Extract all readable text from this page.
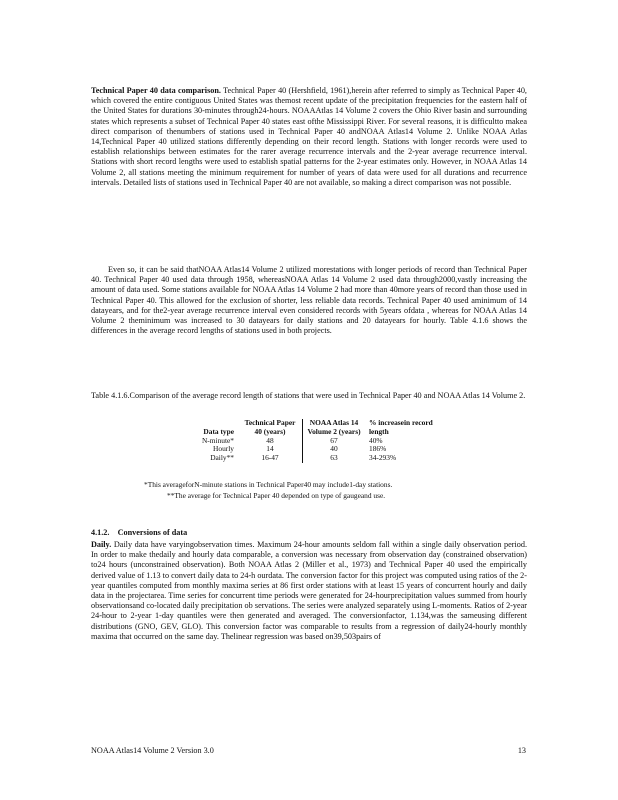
Technical Paper 40 data comparison. Technical Paper 40 (Hershfield, 1961),herein after referred to simply as Technical Paper 40, which covered the entire contiguous United States was themost recent update of the precipitation frequencies for the eastern half of the United States for durations 30-minutes through24-hours. NOAAAtlas 14 Volume 2 covers the Ohio River basin and surrounding states which represents a subset of Technical Paper 40 states east ofthe Mississippi River. For several reasons, it is difficultto makea direct comparison of thenumbers of stations used in Technical Paper 40 andNOAA Atlas14 Volume 2. Unlike NOAA Atlas 14,Technical Paper 40 utilized stations differently depending on their record length. Stations with longer records were used to establish relationships between estimates for the rarer average recurrence intervals and the 2-year average recurrence interval. Stations with short record lengths were used to establish spatial patterns for the 2-year estimates only. However, in NOAA Atlas 14 Volume 2, all stations meeting the minimum requirement for number of years of data were used for all durations and recurrence intervals. Detailed lists of stations used in Technical Paper 40 are not available, so making a direct comparison was not possible.

Even so, it can be said thatNOAA Atlas14 Volume 2 utilized morestations with longer periods of record than Technical Paper 40. Technical Paper 40 used data through 1958, whereasNOAA Atlas 14 Volume 2 used data through2000,vastly increasing the amount of data used. Some stations available for NOAA Atlas 14 Volume 2 had more than 40more years of record than those used in Technical Paper 40. This allowed for the exclusion of shorter, less reliable data records. Technical Paper 40 used aminimum of 14 datayears, and for the2-year average recurrence interval even considered records with 5years ofdata , whereas for NOAA Atlas 14 Volume 2 theminimum was increased to 30 datayears for daily stations and 20 datayears for hourly. Table 4.1.6 shows the differences in the average record lengths of stations used in both projects.

Table 4.1.6.Comparison of the average record length of stations that were used in Technical Paper 40 and NOAA Atlas 14 Volume 2.

Data type	Technical Paper 40 (years)	NOAA Atlas 14 Volume 2 (years)	% increasein record length
N-minute*	48	67	40%
Hourly	14	40	186%
Daily**	16-47	63	34-293%

*This averageforN-minute stations in Technical Paper40 may include1-day stations.

**The average for Technical Paper 40 depended on type of gaugeand use.

4.1.2. Conversions of data

Daily. Daily data have varyingobservation times. Maximum 24-hour amounts seldom fall within a single daily observation period. In order to make thedaily and hourly data comparable, a conversion was necessary from observation day (constrained observation) to24 hours (unconstrained observation). Both NOAA Atlas 2 (Miller et al., 1973) and Technical Paper 40 used the empirically derived value of 1.13 to convert daily data to 24-h ourdata. The conversion factor for this project was computed using ratios of the 2-year quantiles computed from monthly maxima series at 86 first order stations with at least 15 years of concurrent hourly and daily data in the projectarea. Time series for concurrent time periods were generated for 24-hourprecipitation values summed from hourly observationsand co-located daily precipitation ob servations. The series were analyzed separately using L-moments. Ratios of 2-year 24-hour to 2-year 1-day quantiles were then generated and averaged. The conversionfactor, 1.134,was the sameusing different distributions (GNO, GEV, GLO). This conversion factor was comparable to results from a regression of daily24-hourly monthly maxima that occurred on the same day. Thelinear regression was based on39,503pairs of

NOAA Atlas14 Volume 2 Version 3.0	13
